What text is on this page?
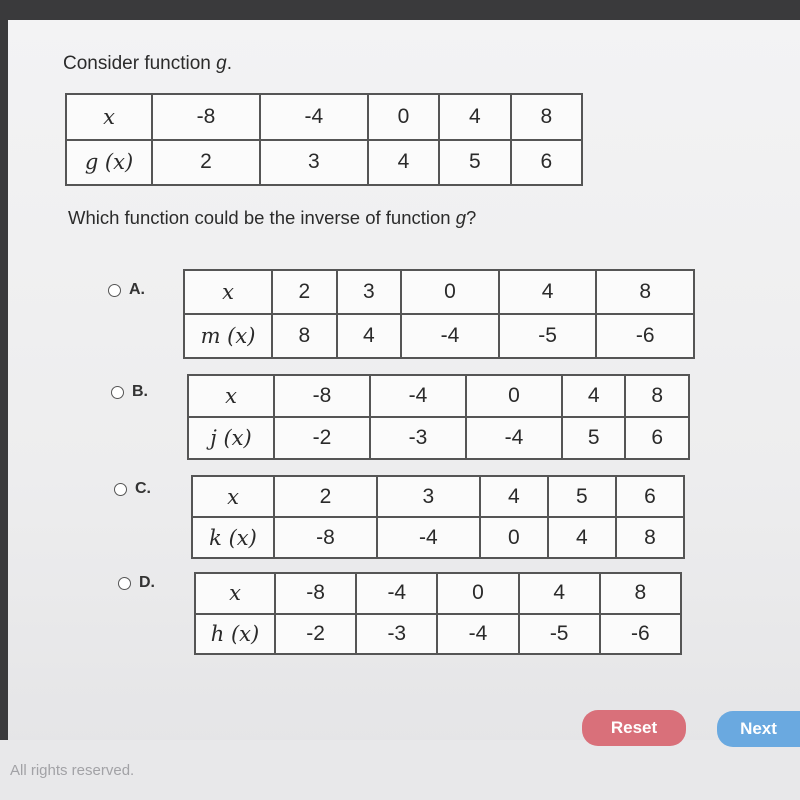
Consider function g.

x	-8	-4	0	4	8
g (x)	2	3	4	5	6

Which function could be the inverse of function g?

A.	x	2	3	0	4	8
m (x)	8	4	-4	-5	-6
B.	x	-8	-4	0	4	8
j (x)	-2	-3	-4	5	6
C.	x	2	3	4	5	6
k (x)	-8	-4	0	4	8
D.	x	-8	-4	0	4	8
h (x)	-2	-3	-4	-5	-6
Reset	Next
All rights reserved.
